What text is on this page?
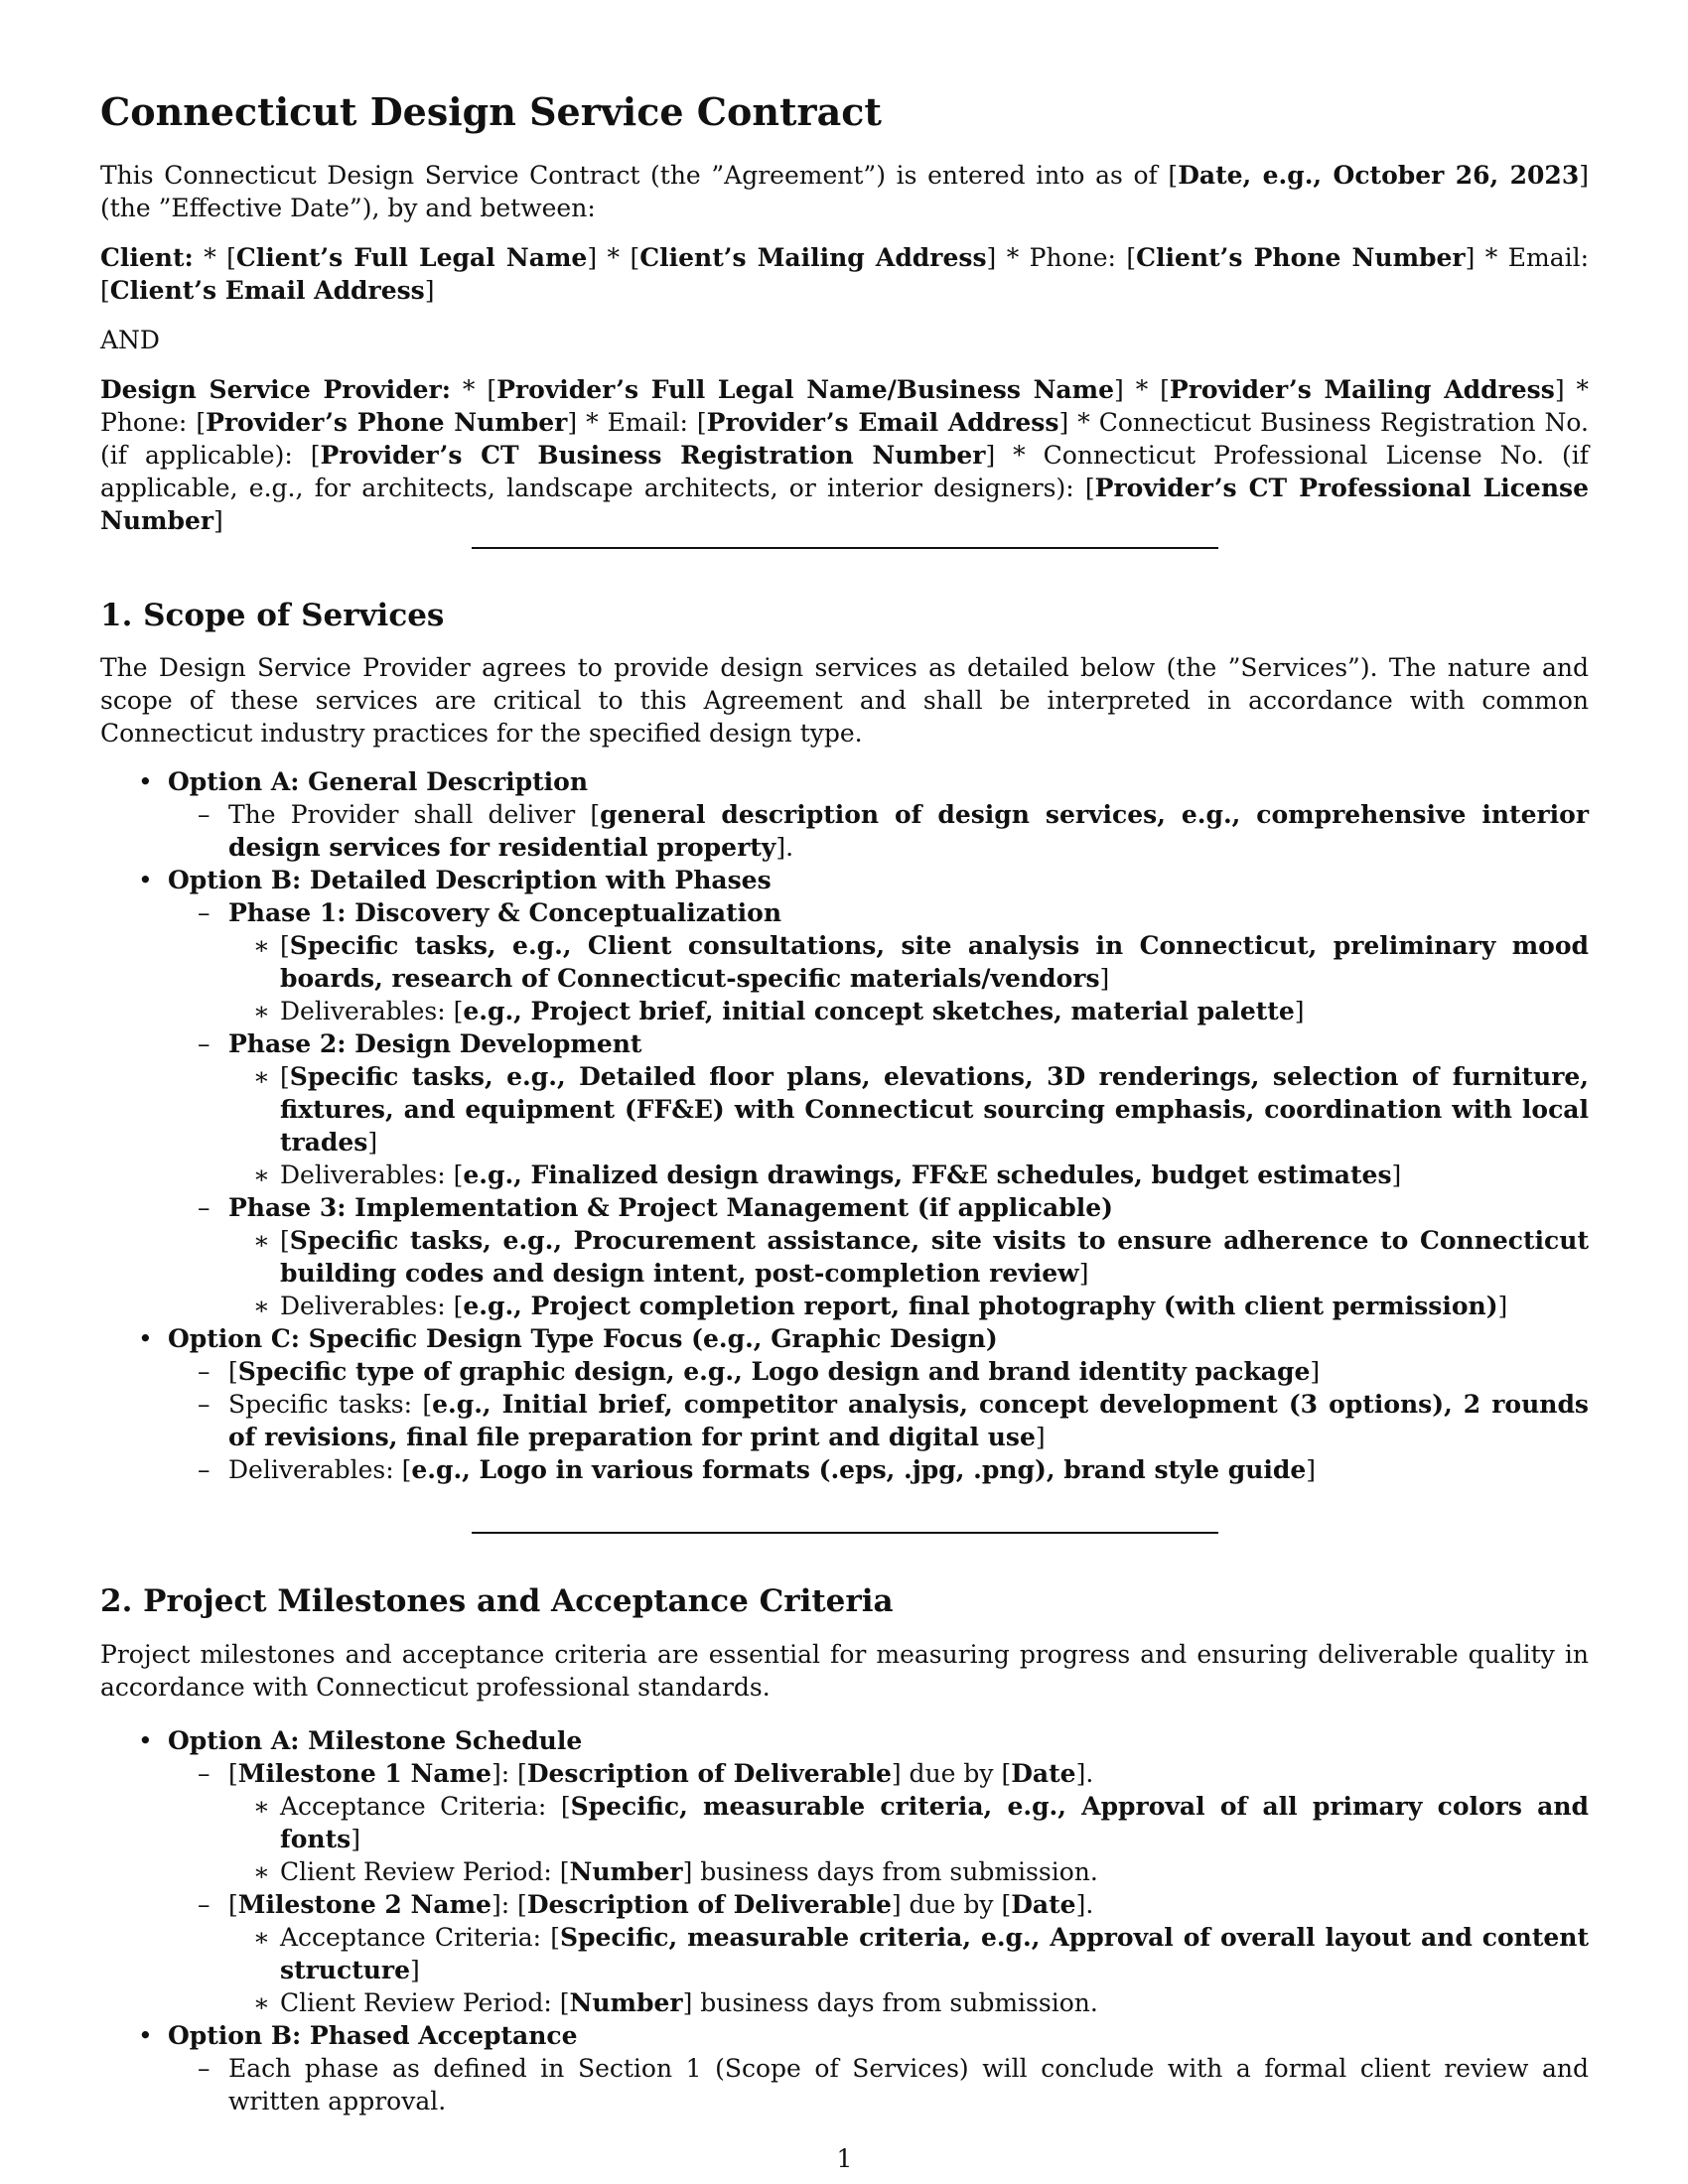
Connecticut Design Service Contract

This Connecticut Design Service Contract (the ”Agreement”) is entered into as of [Date, e.g., October 26, 2023] (the ”Effective Date”), by and between:

Client: * [Client’s Full Legal Name] * [Client’s Mailing Address] * Phone: [Client’s Phone Number] * Email: [Client’s Email Address]

AND

Design Service Provider: * [Provider’s Full Legal Name/Business Name] * [Provider’s Mailing Address] * Phone: [Provider’s Phone Number] * Email: [Provider’s Email Address] * Connecticut Business Registration No. (if applicable): [Provider’s CT Business Registration Number] * Connecticut Professional License No. (if applicable, e.g., for architects, landscape architects, or interior designers): [Provider’s CT Professional License Number]

1. Scope of Services

The Design Service Provider agrees to provide design services as detailed below (the ”Services”). The nature and scope of these services are critical to this Agreement and shall be interpreted in accordance with common Connecticut industry practices for the specified design type.

• Option A: General Description
– The Provider shall deliver [general description of design services, e.g., comprehensive interior design services for residential property].
• Option B: Detailed Description with Phases
– Phase 1: Discovery & Conceptualization
∗ [Specific tasks, e.g., Client consultations, site analysis in Connecticut, preliminary mood boards, research of Connecticut-specific materials/vendors]
∗ Deliverables: [e.g., Project brief, initial concept sketches, material palette]
– Phase 2: Design Development
∗ [Specific tasks, e.g., Detailed floor plans, elevations, 3D renderings, selection of furniture, fixtures, and equipment (FF&E) with Connecticut sourcing emphasis, coordination with local trades]
∗ Deliverables: [e.g., Finalized design drawings, FF&E schedules, budget estimates]
– Phase 3: Implementation & Project Management (if applicable)
∗ [Specific tasks, e.g., Procurement assistance, site visits to ensure adherence to Connecticut building codes and design intent, post-completion review]
∗ Deliverables: [e.g., Project completion report, final photography (with client permission)]
• Option C: Specific Design Type Focus (e.g., Graphic Design)
– [Specific type of graphic design, e.g., Logo design and brand identity package]
– Specific tasks: [e.g., Initial brief, competitor analysis, concept development (3 options), 2 rounds of revisions, final file preparation for print and digital use]
– Deliverables: [e.g., Logo in various formats (.eps, .jpg, .png), brand style guide]
2. Project Milestones and Acceptance Criteria

Project milestones and acceptance criteria are essential for measuring progress and ensuring deliverable quality in accordance with Connecticut professional standards.

• Option A: Milestone Schedule
– [Milestone 1 Name]: [Description of Deliverable] due by [Date].
∗ Acceptance Criteria: [Specific, measurable criteria, e.g., Approval of all primary colors and fonts]
∗ Client Review Period: [Number] business days from submission.
– [Milestone 2 Name]: [Description of Deliverable] due by [Date].
∗ Acceptance Criteria: [Specific, measurable criteria, e.g., Approval of overall layout and content structure]
∗ Client Review Period: [Number] business days from submission.
• Option B: Phased Acceptance
– Each phase as defined in Section 1 (Scope of Services) will conclude with a formal client review and written approval.
1
